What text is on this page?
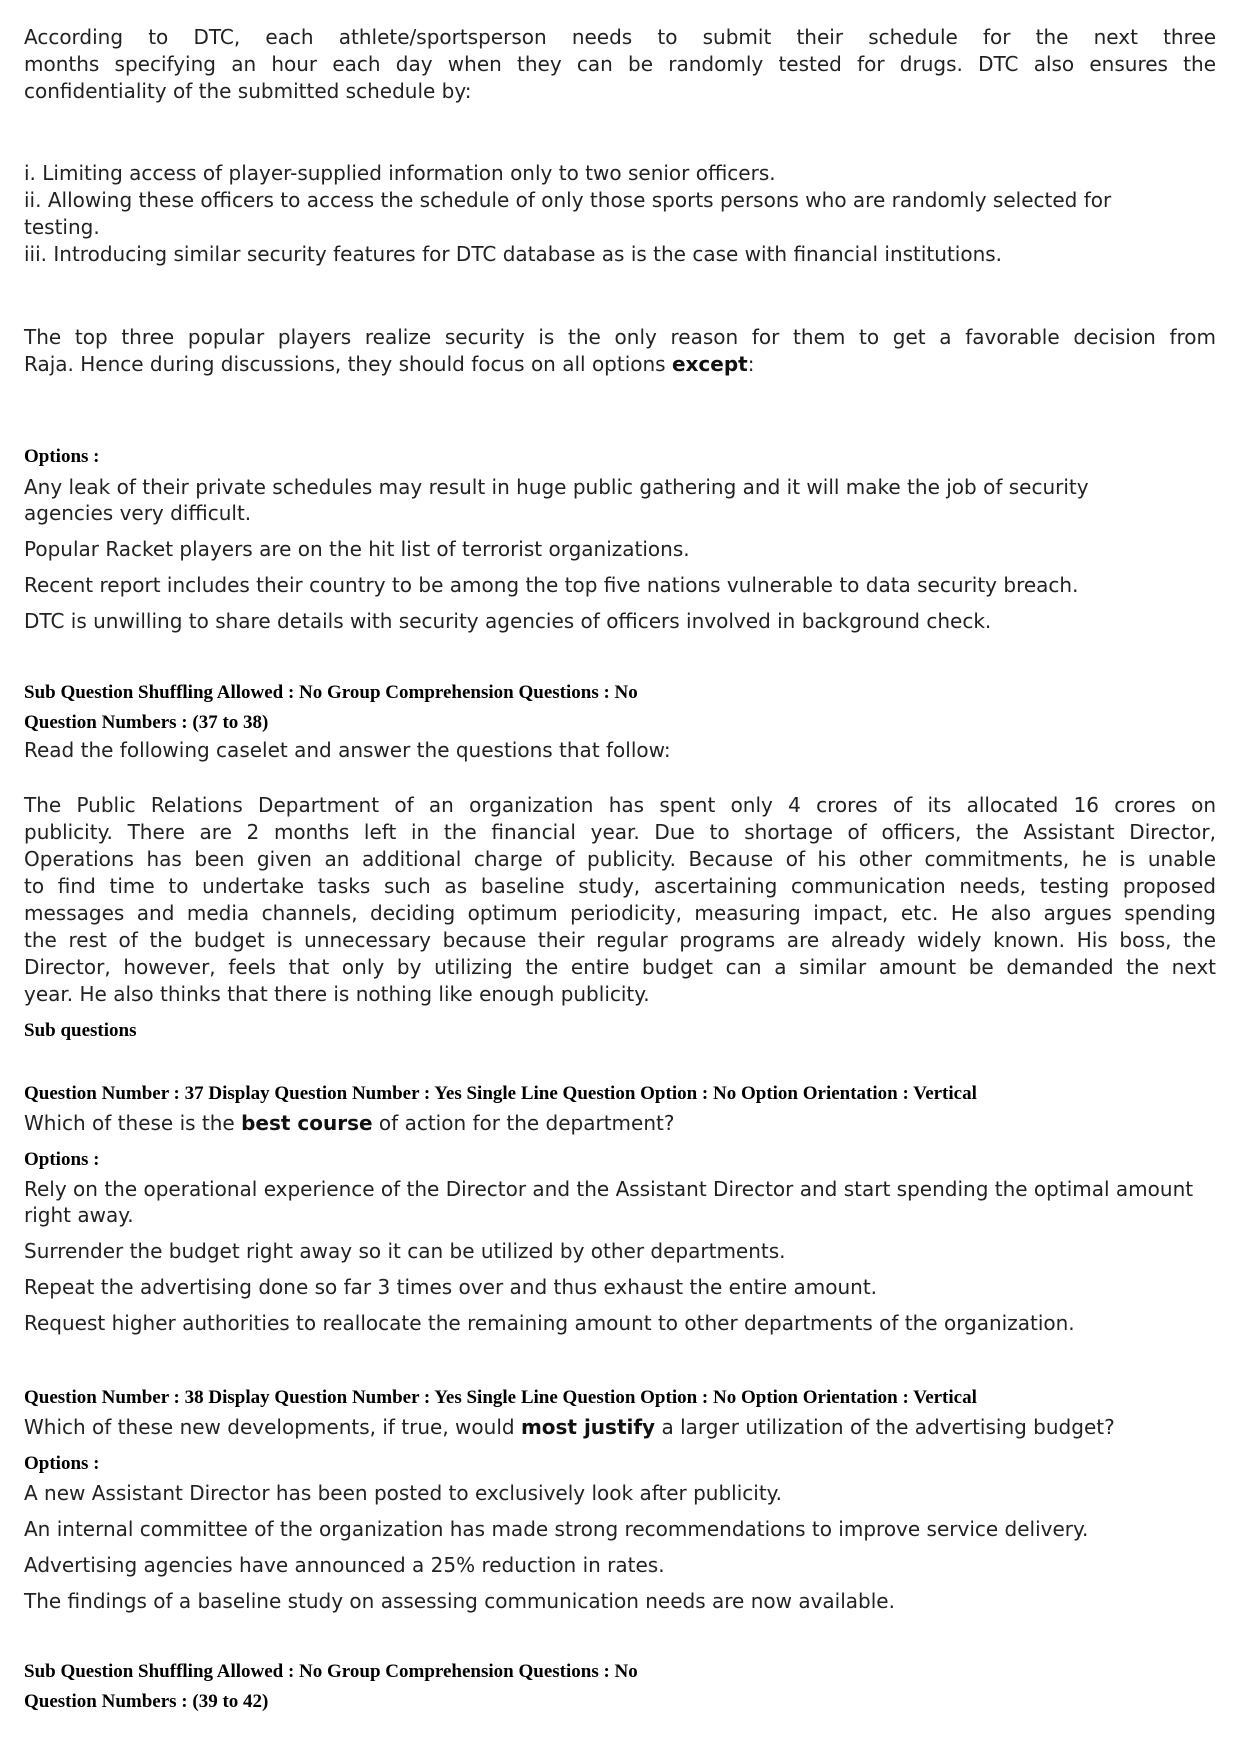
According to DTC, each athlete/sportsperson needs to submit their schedule for the next three
months specifying an hour each day when they can be randomly tested for drugs. DTC also ensures the
confidentiality of the submitted schedule by:
i. Limiting access of player-supplied information only to two senior officers.
ii. Allowing these officers to access the schedule of only those sports persons who are randomly selected for
testing.
iii. Introducing similar security features for DTC database as is the case with financial institutions.
The top three popular players realize security is the only reason for them to get a favorable decision from
Raja. Hence during discussions, they should focus on all options except:
Options :

Any leak of their private schedules may result in huge public gathering and it will make the job of security agencies very difficult.

Popular Racket players are on the hit list of terrorist organizations.

Recent report includes their country to be among the top five nations vulnerable to data security breach.

DTC is unwilling to share details with security agencies of officers involved in background check.

Sub Question Shuffling Allowed : No Group Comprehension Questions : No
Question Numbers : (37 to 38)
Read the following caselet and answer the questions that follow:
The Public Relations Department of an organization has spent only 4 crores of its allocated 16 crores on
publicity. There are 2 months left in the financial year. Due to shortage of officers, the Assistant Director,
Operations has been given an additional charge of publicity. Because of his other commitments, he is unable
to find time to undertake tasks such as baseline study, ascertaining communication needs, testing proposed
messages and media channels, deciding optimum periodicity, measuring impact, etc. He also argues spending
the rest of the budget is unnecessary because their regular programs are already widely known. His boss, the
Director, however, feels that only by utilizing the entire budget can a similar amount be demanded the next
year. He also thinks that there is nothing like enough publicity.
Sub questions
Question Number : 37 Display Question Number : Yes Single Line Question Option : No Option Orientation : Vertical
Which of these is the best course of action for the department?
Options :

Rely on the operational experience of the Director and the Assistant Director and start spending the optimal amount right away.

Surrender the budget right away so it can be utilized by other departments.

Repeat the advertising done so far 3 times over and thus exhaust the entire amount.

Request higher authorities to reallocate the remaining amount to other departments of the organization.

Question Number : 38 Display Question Number : Yes Single Line Question Option : No Option Orientation : Vertical
Which of these new developments, if true, would most justify a larger utilization of the advertising budget?
Options :

A new Assistant Director has been posted to exclusively look after publicity.

An internal committee of the organization has made strong recommendations to improve service delivery.

Advertising agencies have announced a 25% reduction in rates.

The findings of a baseline study on assessing communication needs are now available.

Sub Question Shuffling Allowed : No Group Comprehension Questions : No
Question Numbers : (39 to 42)
